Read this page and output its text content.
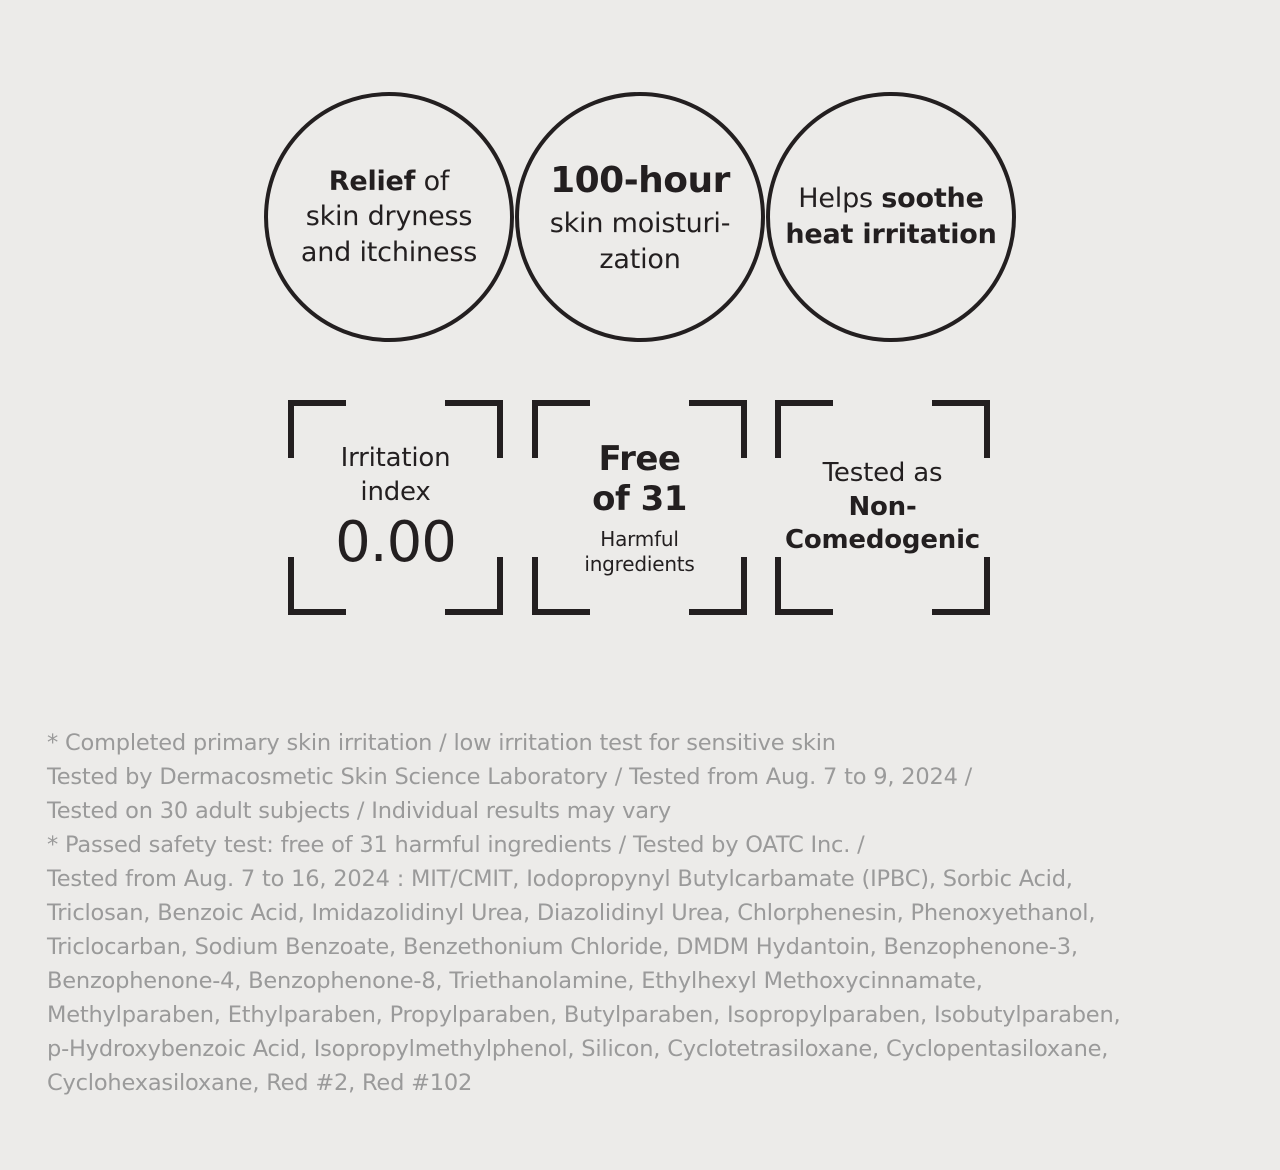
Relief of
skin dryness
and itchiness
100-hour
skin moisturi-
zation
Helps soothe
heat irritation
Irritation
index
0.00
Free
of 31
Harmful
ingredients
Tested as
Non-
Comedogenic

* Completed primary skin irritation / low irritation test for sensitive skin

Tested by Dermacosmetic Skin Science Laboratory / Tested from Aug. 7 to 9, 2024 /

Tested on 30 adult subjects / Individual results may vary

* Passed safety test: free of 31 harmful ingredients / Tested by OATC Inc. /

Tested from Aug. 7 to 16, 2024 : MIT/CMIT, Iodopropynyl Butylcarbamate (IPBC), Sorbic Acid,

Triclosan, Benzoic Acid, Imidazolidinyl Urea, Diazolidinyl Urea, Chlorphenesin, Phenoxyethanol,

Triclocarban, Sodium Benzoate, Benzethonium Chloride, DMDM Hydantoin, Benzophenone-3,

Benzophenone-4, Benzophenone-8, Triethanolamine, Ethylhexyl Methoxycinnamate,

Methylparaben, Ethylparaben, Propylparaben, Butylparaben, Isopropylparaben, Isobutylparaben,

p-Hydroxybenzoic Acid, Isopropylmethylphenol, Silicon, Cyclotetrasiloxane, Cyclopentasiloxane,

Cyclohexasiloxane, Red #2, Red #102
